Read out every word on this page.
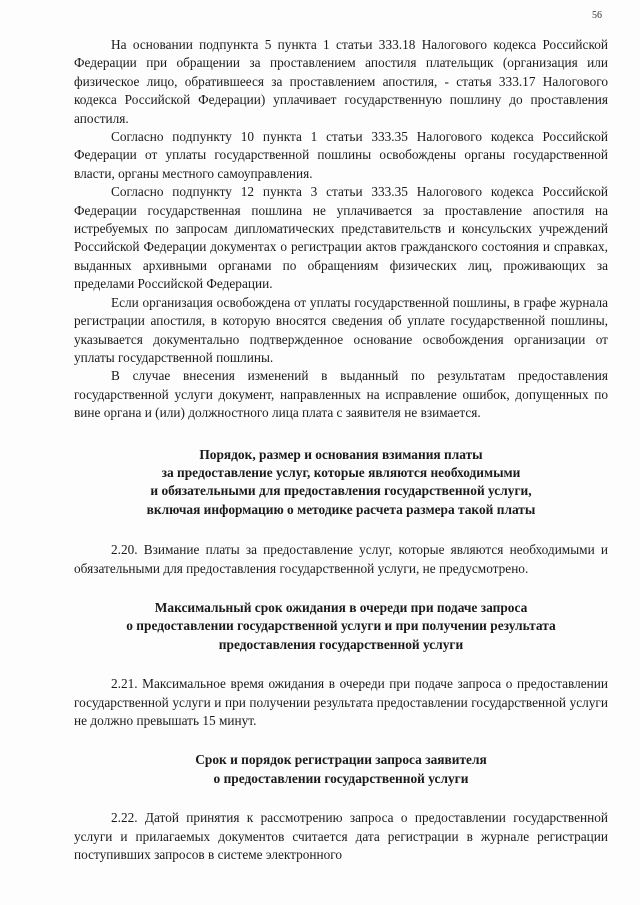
56

На основании подпункта 5 пункта 1 статьи 333.18 Налогового кодекса Российской Федерации при обращении за проставлением апостиля плательщик (организация или физическое лицо, обратившееся за проставлением апостиля, - статья 333.17 Налогового кодекса Российской Федерации) уплачивает государственную пошлину до проставления апостиля.

Согласно подпункту 10 пункта 1 статьи 333.35 Налогового кодекса Российской Федерации от уплаты государственной пошлины освобождены органы государственной власти, органы местного самоуправления.

Согласно подпункту 12 пункта 3 статьи 333.35 Налогового кодекса Российской Федерации государственная пошлина не уплачивается за проставление апостиля на истребуемых по запросам дипломатических представительств и консульских учреждений Российской Федерации документах о регистрации актов гражданского состояния и справках, выданных архивными органами по обращениям физических лиц, проживающих за пределами Российской Федерации.

Если организация освобождена от уплаты государственной пошлины, в графе журнала регистрации апостиля, в которую вносятся сведения об уплате государственной пошлины, указывается документально подтвержденное основание освобождения организации от уплаты государственной пошлины.

В случае внесения изменений в выданный по результатам предоставления государственной услуги документ, направленных на исправление ошибок, допущенных по вине органа и (или) должностного лица плата с заявителя не взимается.

Порядок, размер и основания взимания платы

за предоставление услуг, которые являются необходимыми

и обязательными для предоставления государственной услуги,

включая информацию о методике расчета размера такой платы

2.20. Взимание платы за предоставление услуг, которые являются необходимыми и обязательными для предоставления государственной услуги, не предусмотрено.

Максимальный срок ожидания в очереди при подаче запроса

о предоставлении государственной услуги и при получении результата

предоставления государственной услуги

2.21. Максимальное время ожидания в очереди при подаче запроса о предоставлении государственной услуги и при получении результата предоставлении государственной услуги не должно превышать 15 минут.

Срок и порядок регистрации запроса заявителя

о предоставлении государственной услуги

2.22. Датой принятия к рассмотрению запроса о предоставлении государственной услуги и прилагаемых документов считается дата регистрации в журнале регистрации поступивших запросов в системе электронного
